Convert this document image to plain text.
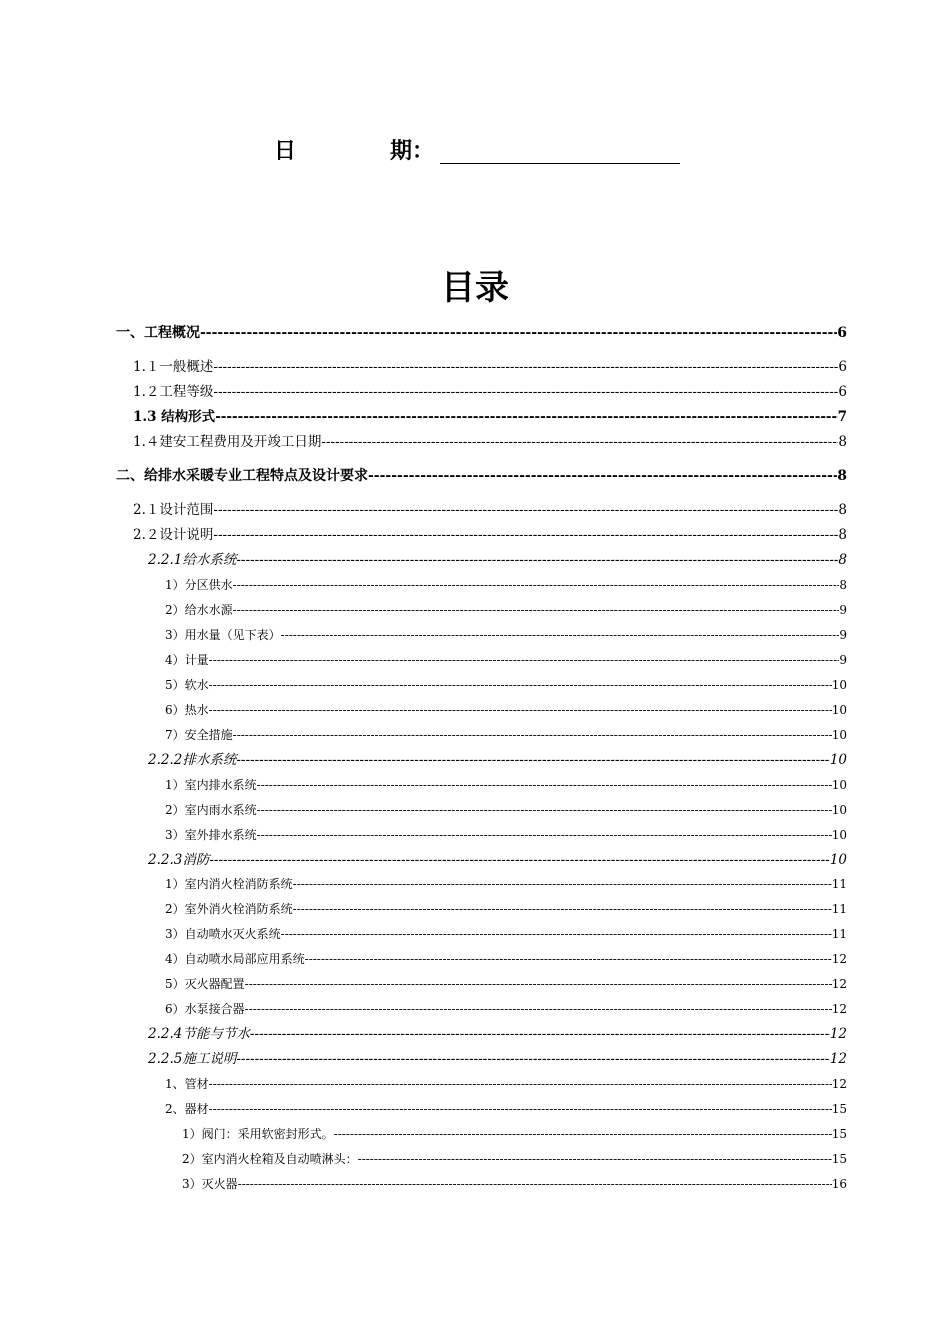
日	期：
目录
一、工程概况 -----	6
1.１一般概述 -----	6
1.２工程等级 -----	6
1.3 结构形式 -----	7
1.４建安工程费用及开竣工日期 -----	8
二、给排水采暖专业工程特点及设计要求 -----	8
2.１设计范围 -----	8
2.２设计说明 -----	8
2.2.1给水系统 -----	8
1）分区供水 -----	8
2）给水水源 -----	9
3）用水量（见下表） -----	9
4）计量 -----	9
5）软水 -----	10
6）热水 -----	10
7）安全措施 -----	10
2.2.2排水系统 -----	10
1）室内排水系统 -----	10
2）室内雨水系统 -----	10
3）室外排水系统 -----	10
2.2.3消防 -----	10
1）室内消火栓消防系统 -----	11
2）室外消火栓消防系统 -----	11
3）自动喷水灭火系统 -----	11
4）自动喷水局部应用系统 -----	12
5）灭火器配置 -----	12
6）水泵接合器 -----	12
2.2.4节能与节水 -----	12
2.2.5施工说明 -----	12
1、管材 -----	12
2、器材 -----	15
1）阀门：采用软密封形式。 -----	15
2）室内消火栓箱及自动喷淋头： -----	15
3）灭火器 -----	16
